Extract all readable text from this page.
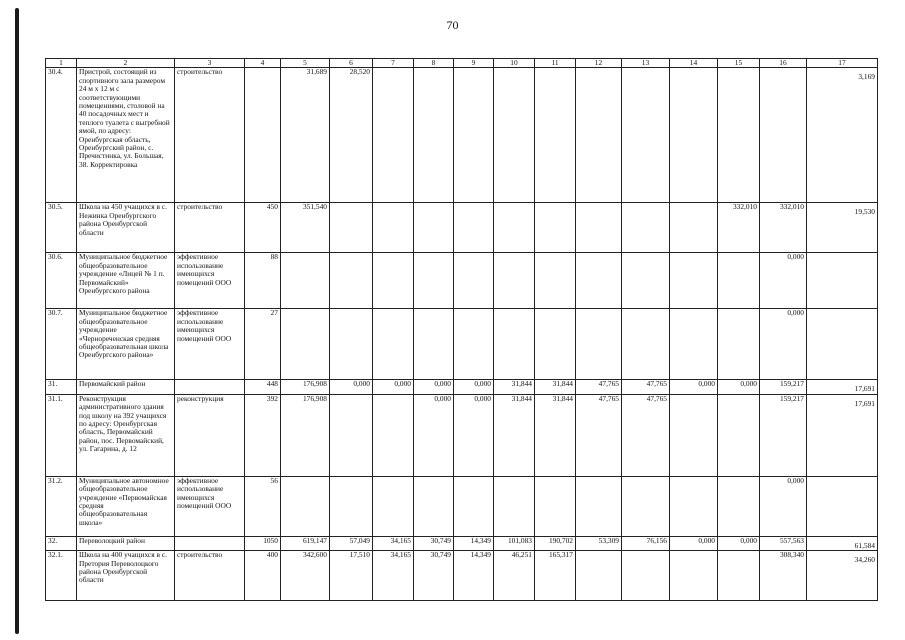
70
1	2	3	4	5	6	7	8	9	10	11	12	13	14	15	16	17
30.4.	Пристрой, состоящий из спортивного зала размером 24 м х 12 м с соответствующими помещениями, столовой на 40 посадочных мест и теплого туалета с выгребной ямой, по адресу: Оренбургская область, Оренбургский район, с. Пречистинка, ул. Большая, 38. Корректировка	строительство		31,689	28,520											3,169
30.5.	Школа на 450 учащихся в с. Нежинка Оренбургского района Оренбургской области	строительство	450	351,540										332,010	332,010	19,530
30.6.	Муниципальное бюджетное общеобразовательное учреждение «Лицей № 1 п. Первомайский» Оренбургского района	эффективное использование имеющихся помещений ООО	88												0,000	
30.7.	Муниципальное бюджетное общеобразовательное учреждение «Чернореченская средняя общеобразовательная школа Оренбургского района»	эффективное использование имеющихся помещений ООО	27												0,000	
31.	Первомайский район		448	176,908	0,000	0,000	0,000	0,000	31,844	31,844	47,765	47,765	0,000	0,000	159,217	17,691
31.1.	Реконструкция административного здания под школу на 392 учащихся по адресу: Оренбургская область, Первомайский район, пос. Первомайский, ул. Гагарина, д. 12	реконструкция	392	176,908			0,000	0,000	31,844	31,844	47,765	47,765			159,217	17,691
31.2.	Муниципальное автономное общеобразовательное учреждение «Первомайская средняя общеобразовательная школа»	эффективное использование имеющихся помещений ООО	56												0,000	
32.	Переволоцкий район		1050	619,147	57,049	34,165	30,749	14,349	101,083	190,702	53,309	76,156	0,000	0,000	557,563	61,584
32.1.	Школа на 400 учащихся в с. Претория Переволоцкого района Оренбургской области	строительство	400	342,600	17,510	34,165	30,749	14,349	46,251	165,317					308,340	34,260
